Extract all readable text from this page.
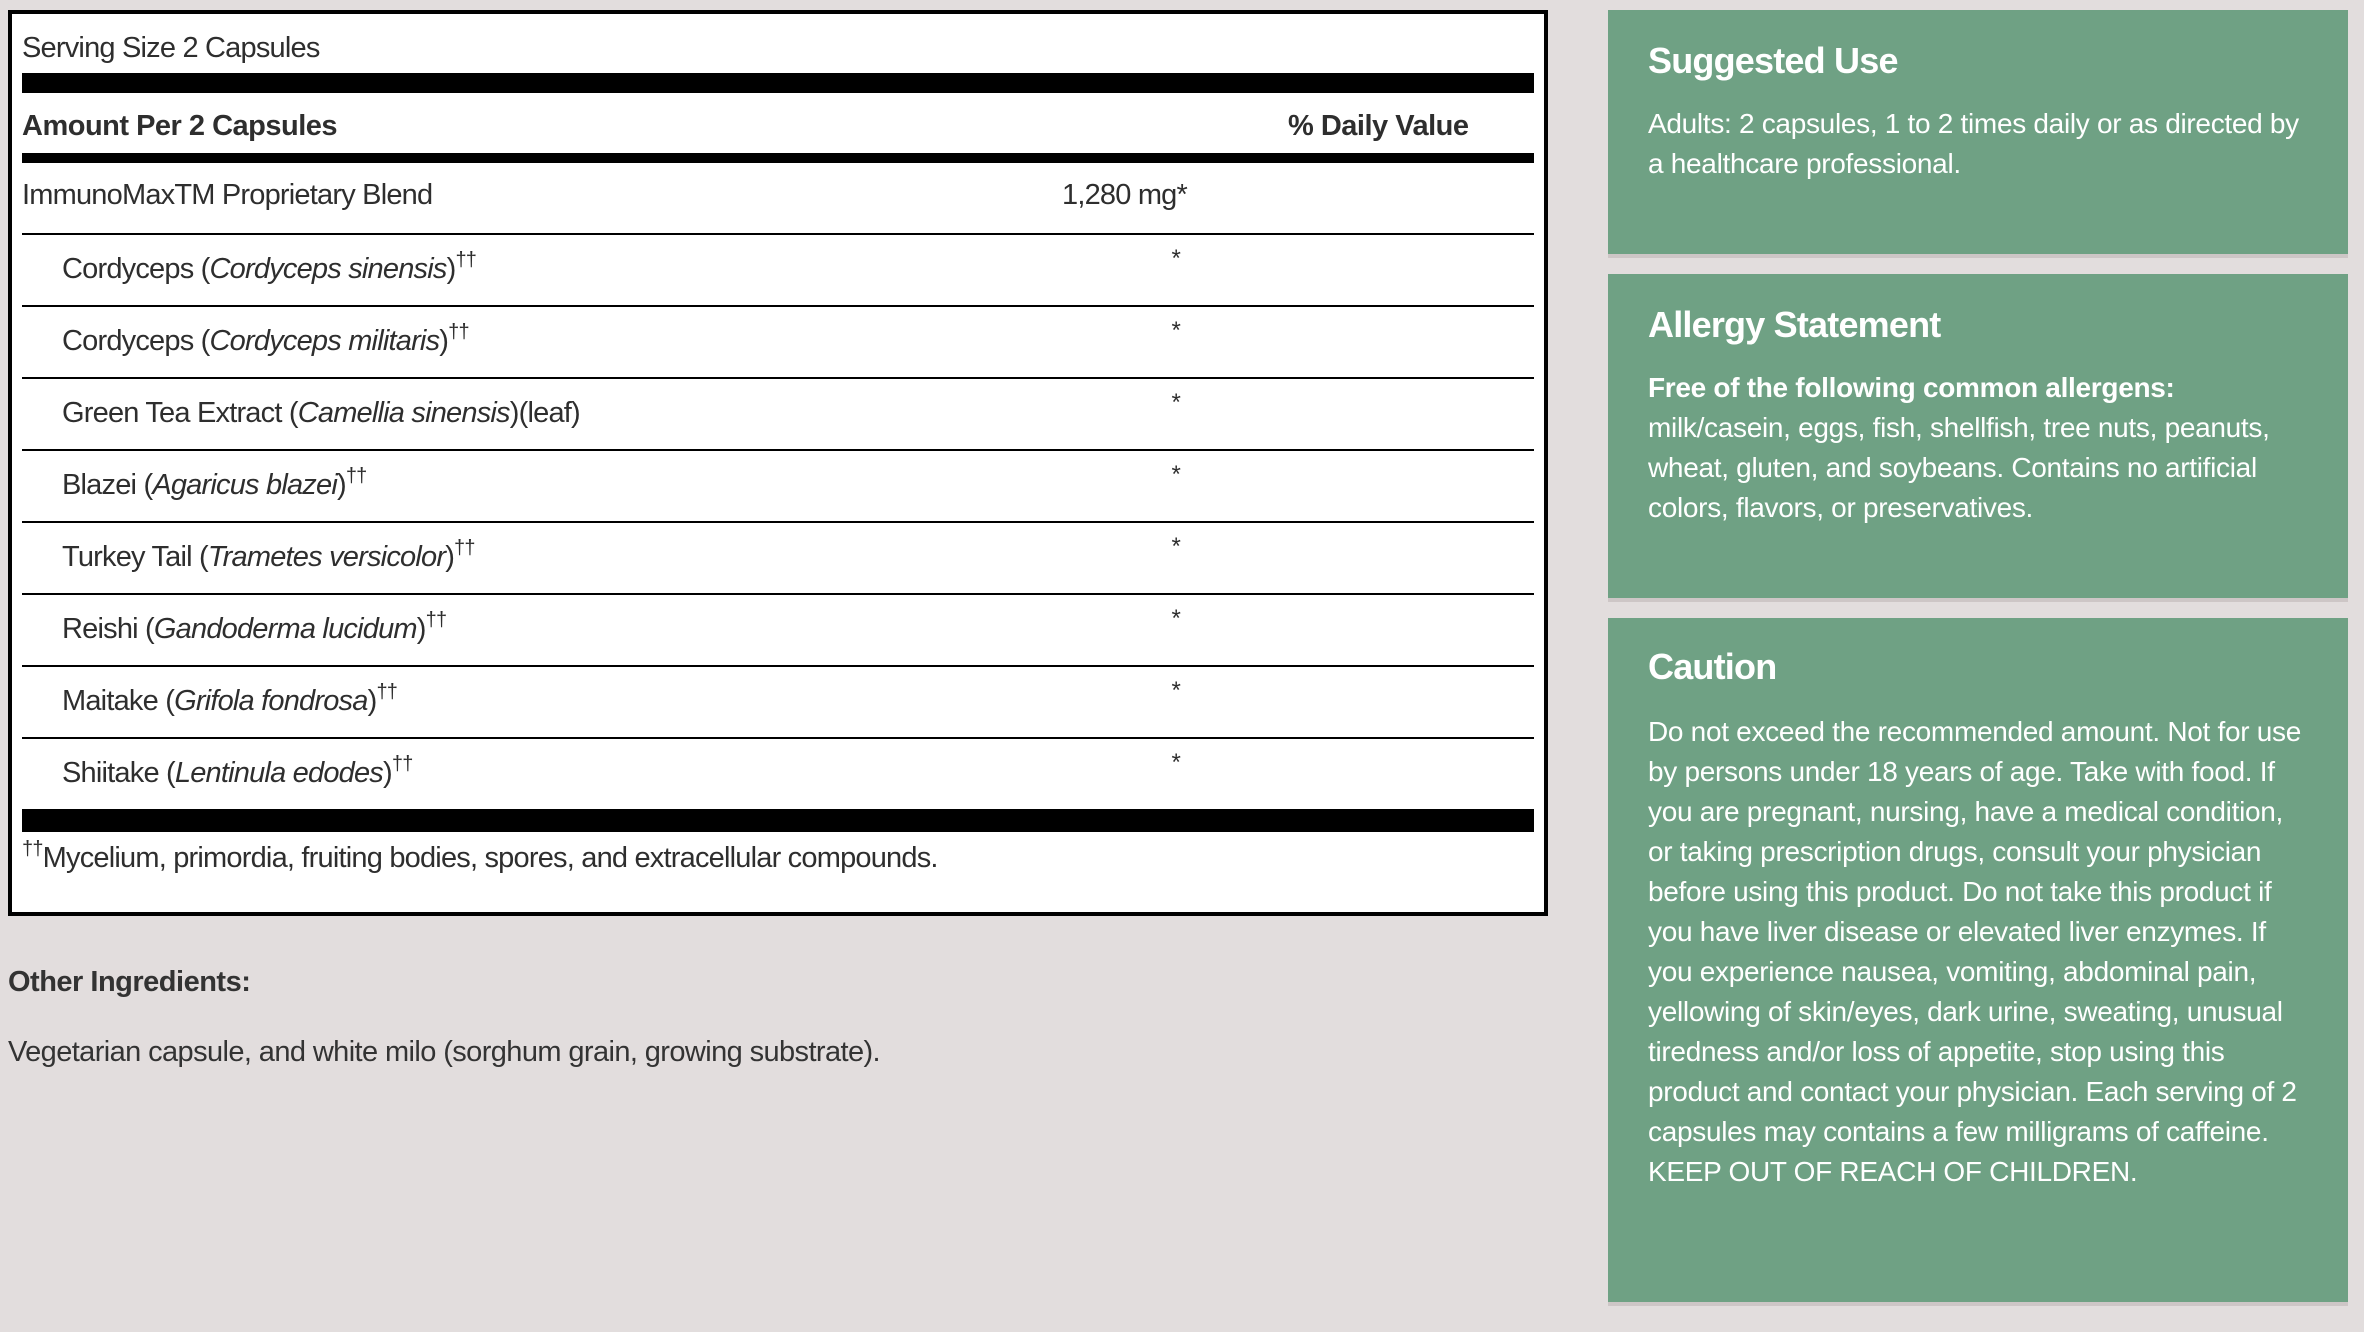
Serving Size 2 Capsules
Amount Per 2 Capsules	% Daily Value
ImmunoMaxTM Proprietary Blend	1,280 mg*
Cordyceps (Cordyceps sinensis)††	*
Cordyceps (Cordyceps militaris)††	*
Green Tea Extract (Camellia sinensis)(leaf)	*
Blazei (Agaricus blazei)††	*
Turkey Tail (Trametes versicolor)††	*
Reishi (Gandoderma lucidum)††	*
Maitake (Grifola fondrosa)††	*
Shiitake (Lentinula edodes)††	*
††Mycelium, primordia, fruiting bodies, spores, and extracellular compounds.
Other Ingredients:
Vegetarian capsule, and white milo (sorghum grain, growing substrate).
Suggested Use

Adults: 2 capsules, 1 to 2 times daily or as directed by a healthcare professional.

Allergy Statement

Free of the following common allergens:
milk/casein, eggs, fish, shellfish, tree nuts, peanuts, wheat, gluten, and soybeans. Contains no artificial colors, flavors, or preservatives.

Caution

Do not exceed the recommended amount. Not for use by persons under 18 years of age. Take with food. If you are pregnant, nursing, have a medical condition, or taking prescription drugs, consult your physician before using this product. Do not take this product if you have liver disease or elevated liver enzymes. If you experience nausea, vomiting, abdominal pain, yellowing of skin/eyes, dark urine, sweating, unusual tiredness and/or loss of appetite, stop using this product and contact your physician. Each serving of 2 capsules may contains a few milligrams of caffeine. KEEP OUT OF REACH OF CHILDREN.
